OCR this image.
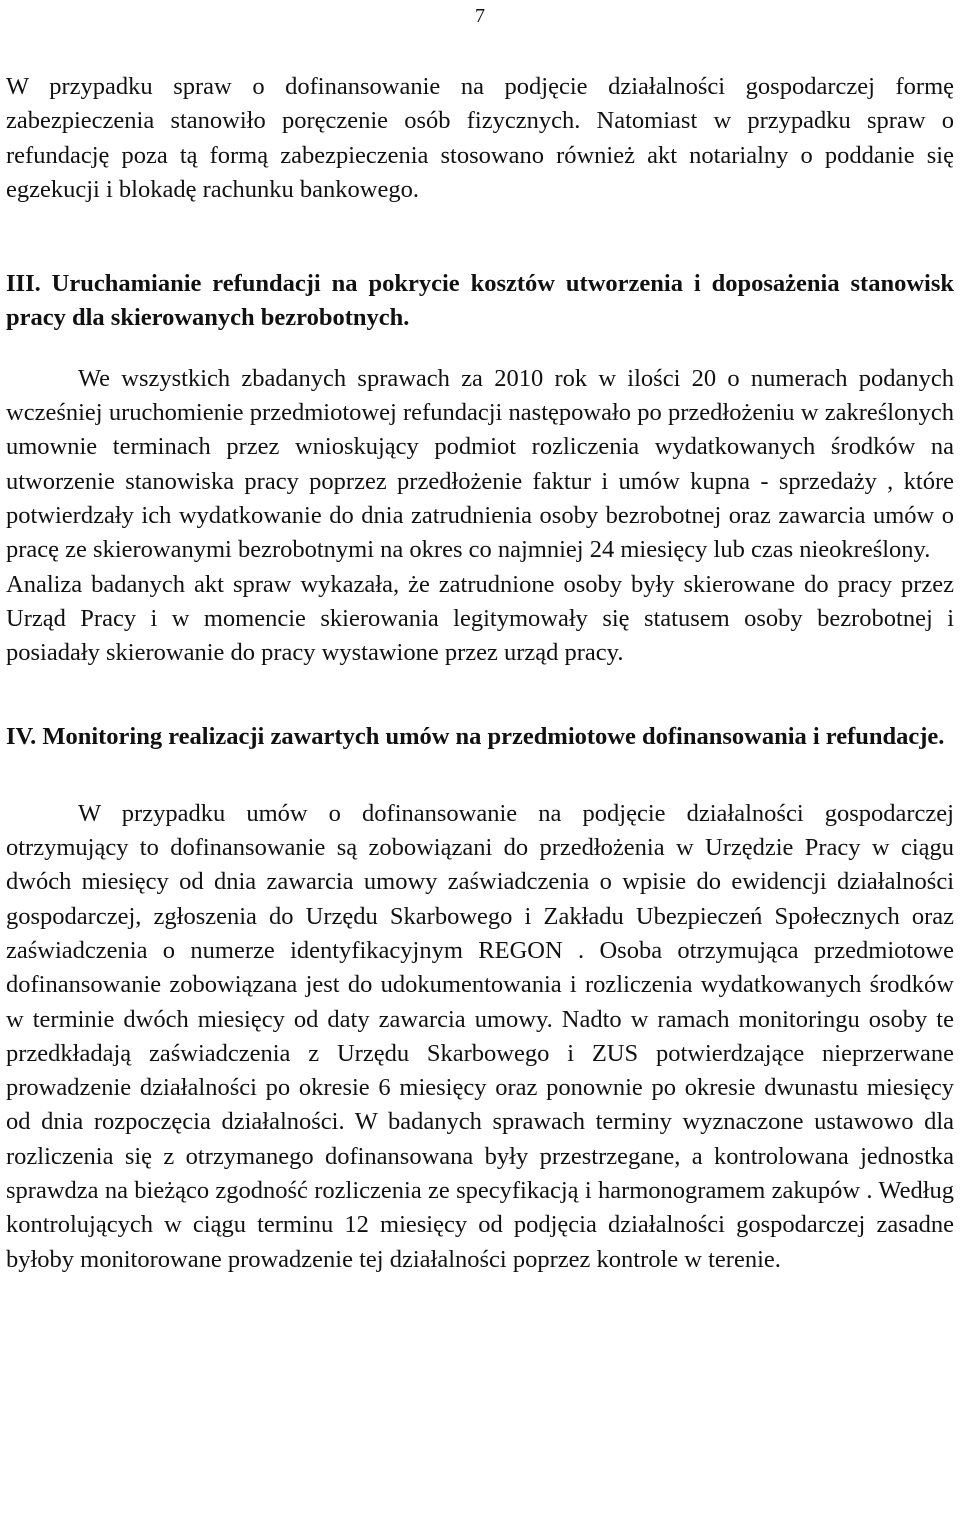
7

W przypadku spraw o dofinansowanie na podjęcie działalności gospodarczej formę zabezpieczenia stanowiło poręczenie osób fizycznych. Natomiast w przypadku spraw o refundację poza tą formą zabezpieczenia stosowano również akt notarialny o poddanie się egzekucji i blokadę rachunku bankowego.

III. Uruchamianie refundacji na pokrycie kosztów utworzenia i doposażenia stanowisk pracy dla skierowanych bezrobotnych.

We wszystkich zbadanych sprawach za 2010 rok w ilości 20 o numerach podanych wcześniej uruchomienie przedmiotowej refundacji następowało po przedłożeniu w zakreślonych umownie terminach przez wnioskujący podmiot rozliczenia wydatkowanych środków na utworzenie stanowiska pracy poprzez przedłożenie faktur i umów kupna - sprzedaży , które potwierdzały ich wydatkowanie do dnia zatrudnienia osoby bezrobotnej oraz zawarcia umów o pracę ze skierowanymi bezrobotnymi na okres co najmniej 24 miesięcy lub czas nieokreślony.

Analiza badanych akt spraw wykazała, że zatrudnione osoby były skierowane do pracy przez Urząd Pracy i w momencie skierowania legitymowały się statusem osoby bezrobotnej i posiadały skierowanie do pracy wystawione przez urząd pracy.

IV. Monitoring realizacji zawartych umów na przedmiotowe dofinansowania i refundacje.

W przypadku umów o dofinansowanie na podjęcie działalności gospodarczej otrzymujący to dofinansowanie są zobowiązani do przedłożenia w Urzędzie Pracy w ciągu dwóch miesięcy od dnia zawarcia umowy zaświadczenia o wpisie do ewidencji działalności gospodarczej, zgłoszenia do Urzędu Skarbowego i Zakładu Ubezpieczeń Społecznych oraz zaświadczenia o numerze identyfikacyjnym REGON . Osoba otrzymująca przedmiotowe dofinansowanie zobowiązana jest do udokumentowania i rozliczenia wydatkowanych środków w terminie dwóch miesięcy od daty zawarcia umowy. Nadto w ramach monitoringu osoby te przedkładają zaświadczenia z Urzędu Skarbowego i ZUS potwierdzające nieprzerwane prowadzenie działalności po okresie 6 miesięcy oraz ponownie po okresie dwunastu miesięcy od dnia rozpoczęcia działalności. W badanych sprawach terminy wyznaczone ustawowo dla rozliczenia się z otrzymanego dofinansowana były przestrzegane, a kontrolowana jednostka sprawdza na bieżąco zgodność rozliczenia ze specyfikacją i harmonogramem zakupów . Według kontrolujących w ciągu terminu 12 miesięcy od podjęcia działalności gospodarczej zasadne byłoby monitorowane prowadzenie tej działalności poprzez kontrole w terenie.
